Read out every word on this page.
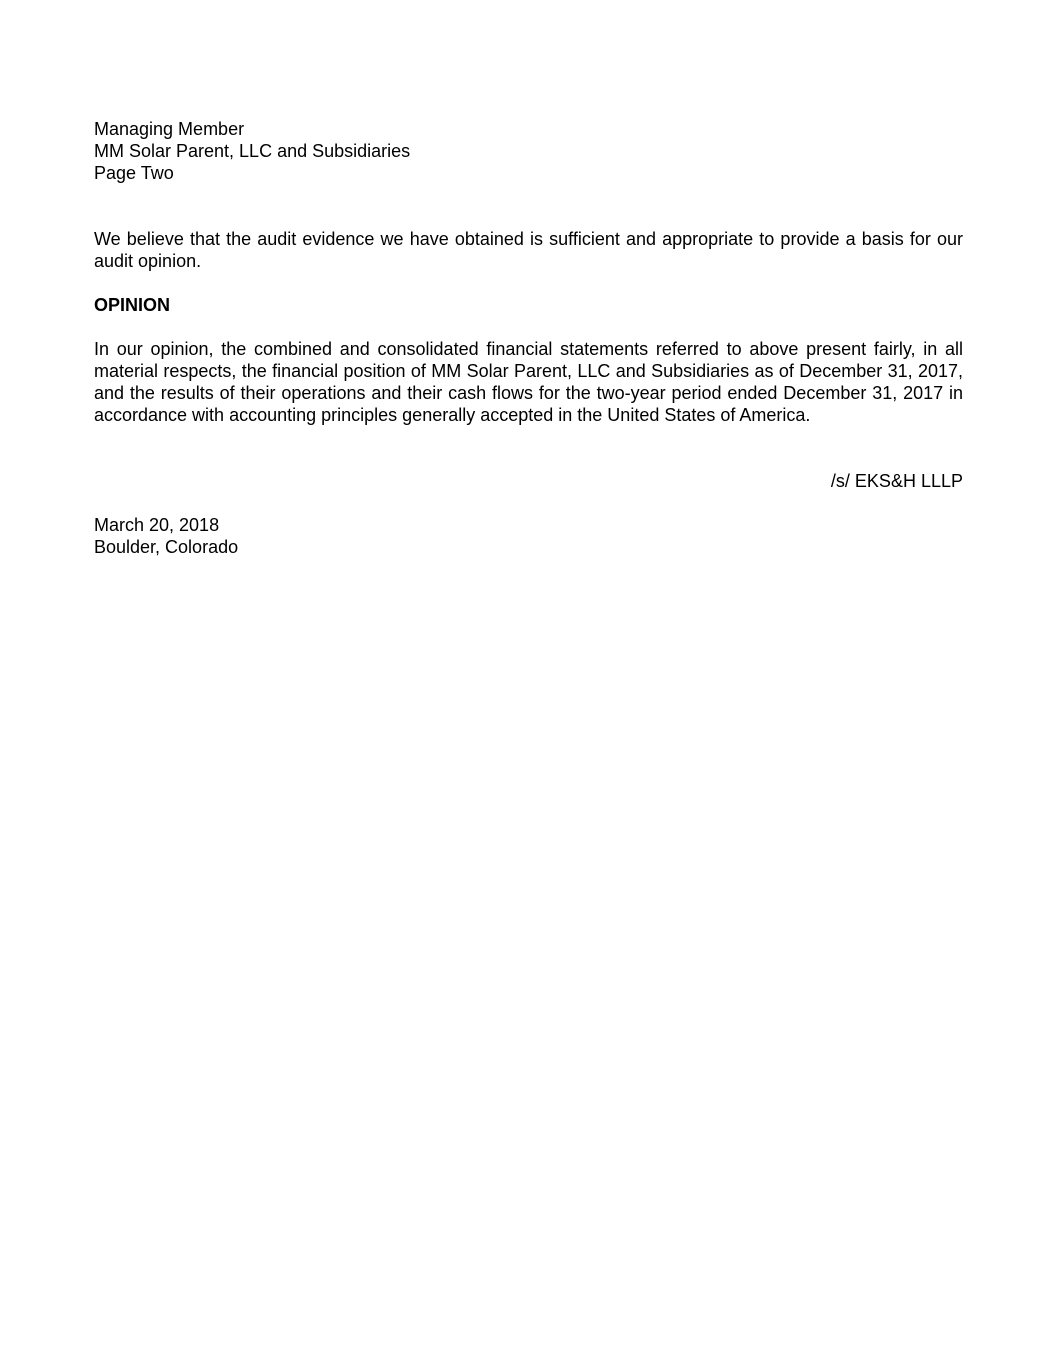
Managing Member
MM Solar Parent, LLC and Subsidiaries
Page Two

We believe that the audit evidence we have obtained is sufficient and appropriate to provide a basis for our audit opinion.

OPINION

In our opinion, the combined and consolidated financial statements referred to above present fairly, in all material respects, the financial position of MM Solar Parent, LLC and Subsidiaries as of December 31, 2017, and the results of their operations and their cash flows for the two-year period ended December 31, 2017 in accordance with accounting principles generally accepted in the United States of America.

/s/ EKS&H LLLP

March 20, 2018
Boulder, Colorado
